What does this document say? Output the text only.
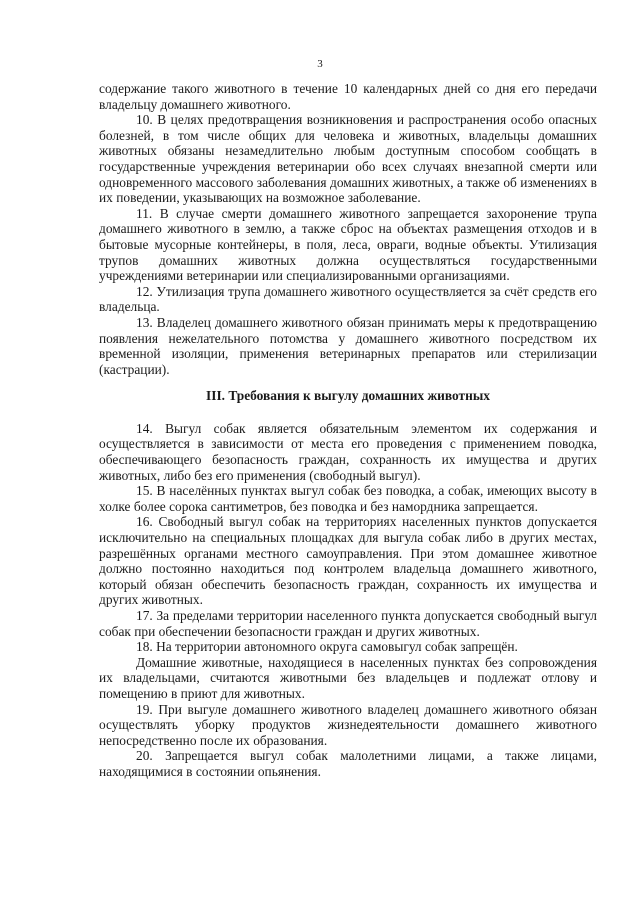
3

содержание такого животного в течение 10 календарных дней со дня его передачи владельцу домашнего животного.

10. В целях предотвращения возникновения и распространения особо опасных болезней, в том числе общих для человека и животных, владельцы домашних животных обязаны незамедлительно любым доступным способом сообщать в государственные учреждения ветеринарии обо всех случаях внезапной смерти или одновременного массового заболевания домашних животных, а также об изменениях в их поведении, указывающих на возможное заболевание.

11. В случае смерти домашнего животного запрещается захоронение трупа домашнего животного в землю, а также сброс на объектах размещения отходов и в бытовые мусорные контейнеры, в поля, леса, овраги, водные объекты. Утилизация трупов домашних животных должна осуществляться государственными учреждениями ветеринарии или специализированными организациями.

12. Утилизация трупа домашнего животного осуществляется за счёт средств его владельца.

13. Владелец домашнего животного обязан принимать меры к предотвращению появления нежелательного потомства у домашнего животного посредством их временной изоляции, применения ветеринарных препаратов или стерилизации (кастрации).

III. Требования к выгулу домашних животных

14. Выгул собак является обязательным элементом их содержания и осуществляется в зависимости от места его проведения с применением поводка, обеспечивающего безопасность граждан, сохранность их имущества и других животных, либо без его применения (свободный выгул).

15. В населённых пунктах выгул собак без поводка, а собак, имеющих высоту в холке более сорока сантиметров, без поводка и без намордника запрещается.

16. Свободный выгул собак на территориях населенных пунктов допускается исключительно на специальных площадках для выгула собак либо в других местах, разрешённых органами местного самоуправления. При этом домашнее животное должно постоянно находиться под контролем владельца домашнего животного, который обязан обеспечить безопасность граждан, сохранность их имущества и других животных.

17. За пределами территории населенного пункта допускается свободный выгул собак при обеспечении безопасности граждан и других животных.

18. На территории автономного округа самовыгул собак запрещён.

Домашние животные, находящиеся в населенных пунктах без сопровождения их владельцами, считаются животными без владельцев и подлежат отлову и помещению в приют для животных.

19. При выгуле домашнего животного владелец домашнего животного обязан осуществлять уборку продуктов жизнедеятельности домашнего животного непосредственно после их образования.

20. Запрещается выгул собак малолетними лицами, а также лицами, находящимися в состоянии опьянения.
